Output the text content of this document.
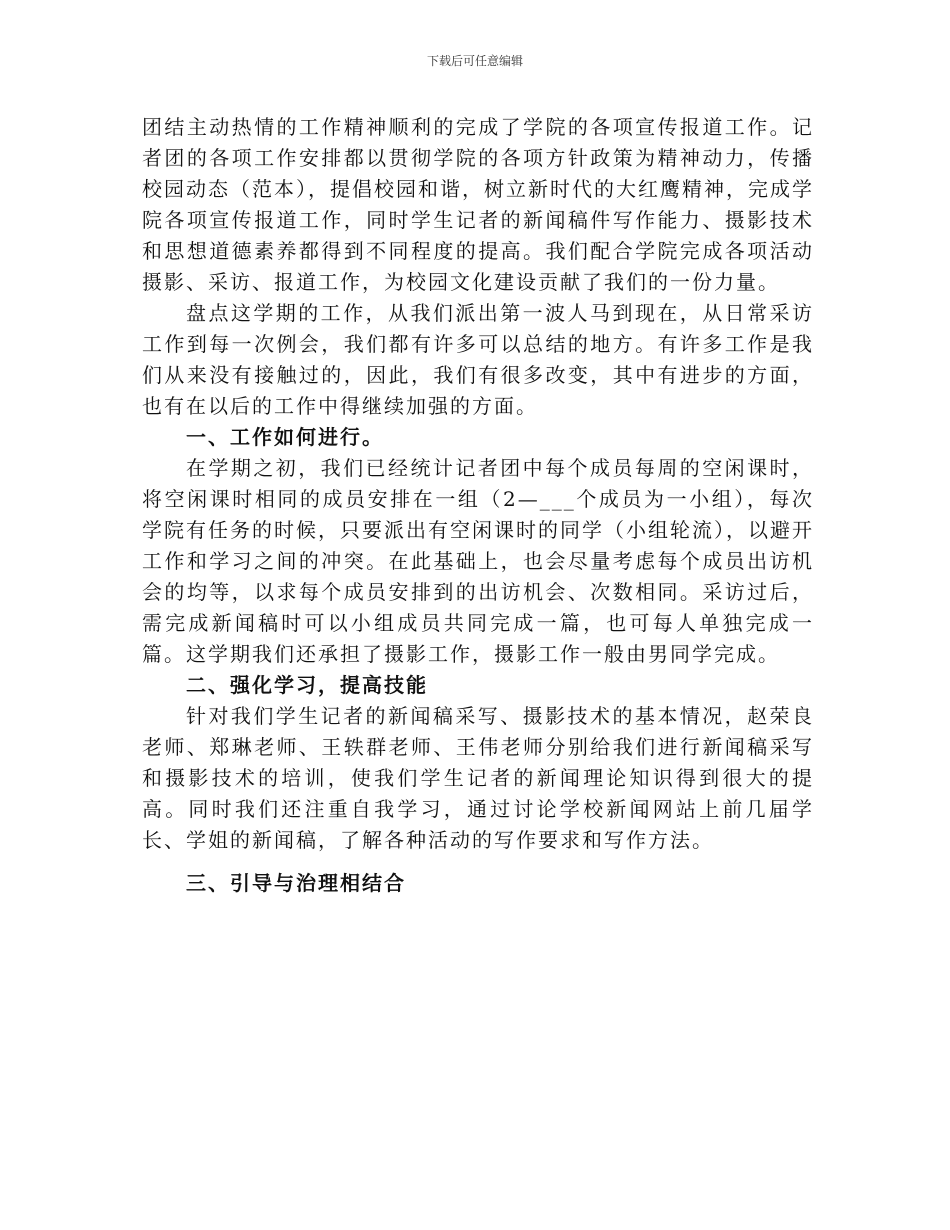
下载后可任意编辑

团结主动热情的工作精神顺利的完成了学院的各项宣传报道工作。记者团的各项工作安排都以贯彻学院的各项方针政策为精神动力，传播校园动态（范本），提倡校园和谐，树立新时代的大红鹰精神，完成学院各项宣传报道工作，同时学生记者的新闻稿件写作能力、摄影技术和思想道德素养都得到不同程度的提高。我们配合学院完成各项活动摄影、采访、报道工作，为校园文化建设贡献了我们的一份力量。

盘点这学期的工作，从我们派出第一波人马到现在，从日常采访工作到每一次例会，我们都有许多可以总结的地方。有许多工作是我们从来没有接触过的，因此，我们有很多改变，其中有进步的方面，也有在以后的工作中得继续加强的方面。

一、工作如何进行。

在学期之初，我们已经统计记者团中每个成员每周的空闲课时，将空闲课时相同的成员安排在一组（2—___个成员为一小组），每次学院有任务的时候，只要派出有空闲课时的同学（小组轮流），以避开工作和学习之间的冲突。在此基础上，也会尽量考虑每个成员出访机会的均等，以求每个成员安排到的出访机会、次数相同。采访过后，需完成新闻稿时可以小组成员共同完成一篇，也可每人单独完成一篇。这学期我们还承担了摄影工作，摄影工作一般由男同学完成。

二、强化学习，提高技能

针对我们学生记者的新闻稿采写、摄影技术的基本情况，赵荣良老师、郑琳老师、王轶群老师、王伟老师分别给我们进行新闻稿采写和摄影技术的培训，使我们学生记者的新闻理论知识得到很大的提高。同时我们还注重自我学习，通过讨论学校新闻网站上前几届学长、学姐的新闻稿，了解各种活动的写作要求和写作方法。

三、引导与治理相结合
